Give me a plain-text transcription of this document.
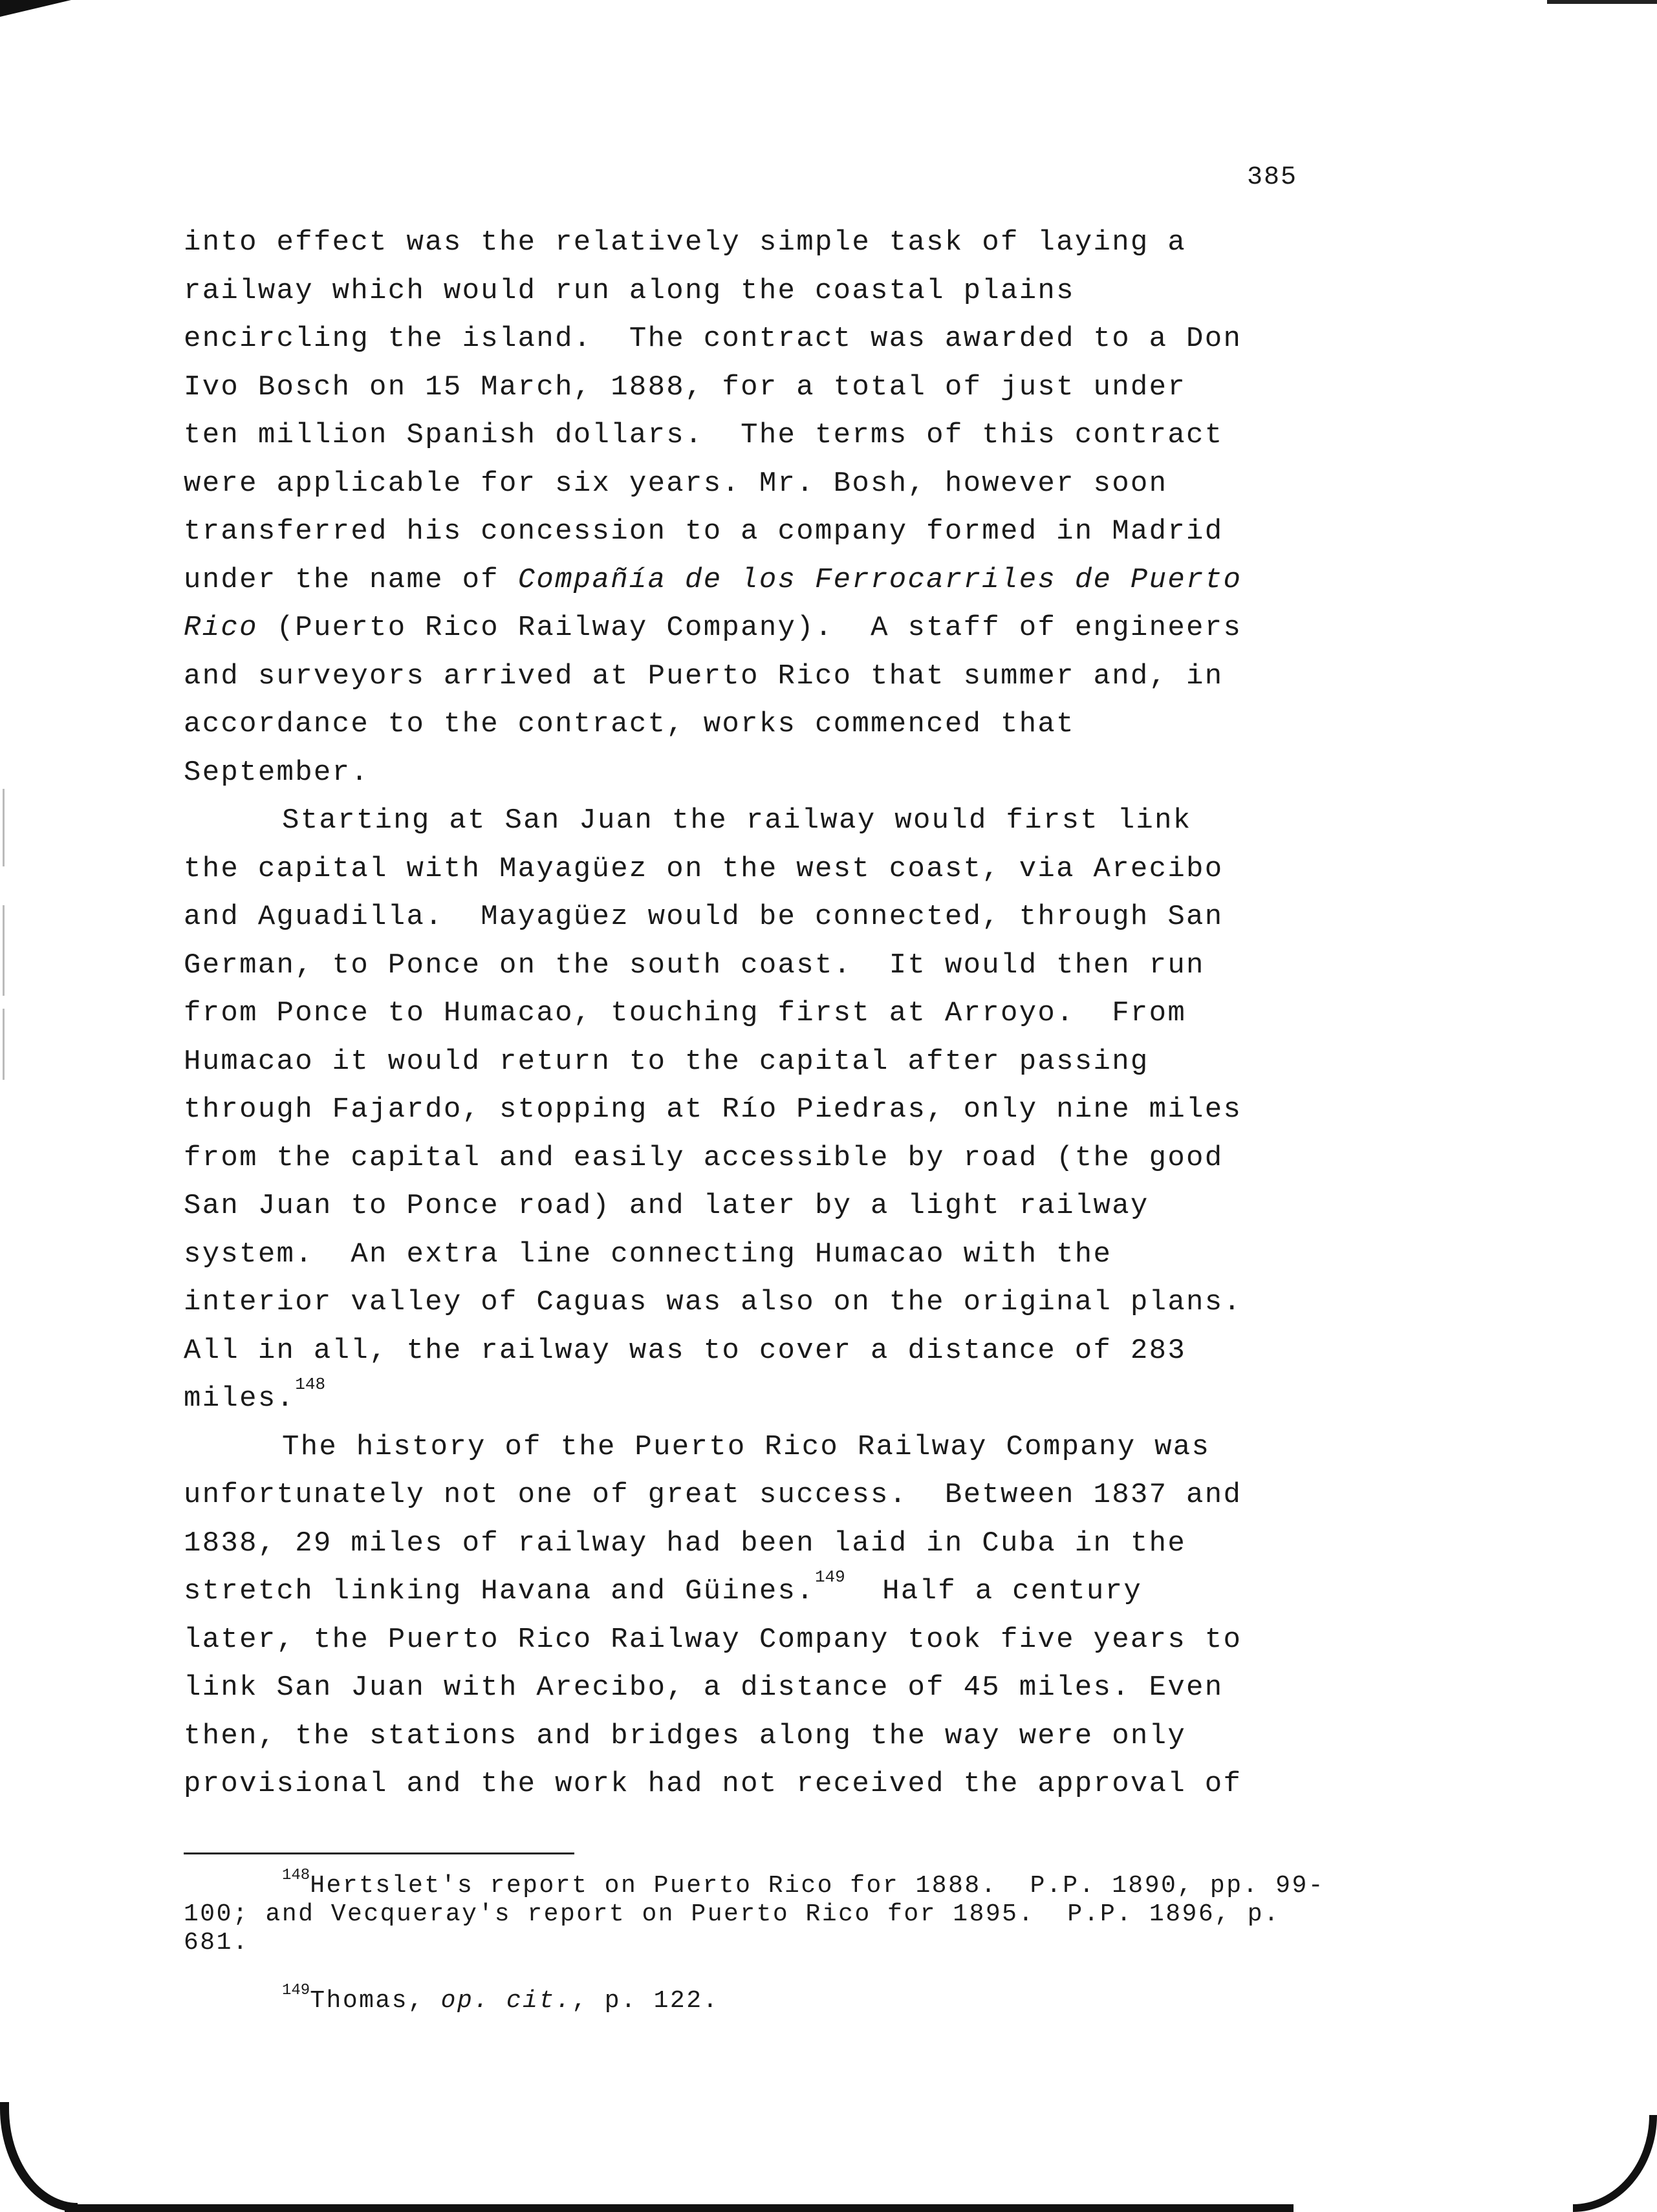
385
into effect was the relatively simple task of laying a
railway which would run along the coastal plains
encircling the island.  The contract was awarded to a Don
Ivo Bosch on 15 March, 1888, for a total of just under
ten million Spanish dollars.  The terms of this contract
were applicable for six years. Mr. Bosh, however soon
transferred his concession to a company formed in Madrid
under the name of Compañía de los Ferrocarriles de Puerto
Rico (Puerto Rico Railway Company).  A staff of engineers
and surveyors arrived at Puerto Rico that summer and, in
accordance to the contract, works commenced that
September.
Starting at San Juan the railway would first link
the capital with Mayagüez on the west coast, via Arecibo
and Aguadilla.  Mayagüez would be connected, through San
German, to Ponce on the south coast.  It would then run
from Ponce to Humacao, touching first at Arroyo.  From
Humacao it would return to the capital after passing
through Fajardo, stopping at Río Piedras, only nine miles
from the capital and easily accessible by road (the good
San Juan to Ponce road) and later by a light railway
system.  An extra line connecting Humacao with the
interior valley of Caguas was also on the original plans.
All in all, the railway was to cover a distance of 283
miles.$^{148}$
The history of the Puerto Rico Railway Company was
unfortunately not one of great success.  Between 1837 and
1838, 29 miles of railway had been laid in Cuba in the
stretch linking Havana and Güines.$^{149}$  Half a century
later, the Puerto Rico Railway Company took five years to
link San Juan with Arecibo, a distance of 45 miles. Even
then, the stations and bridges along the way were only
provisional and the work had not received the approval of
$^{148}$Hertslet's report on Puerto Rico for 1888.  P.P. 1890, pp. 99-
100; and Vecqueray's report on Puerto Rico for 1895.  P.P. 1896, p.
681.
$^{149}$Thomas, op. cit., p. 122.
